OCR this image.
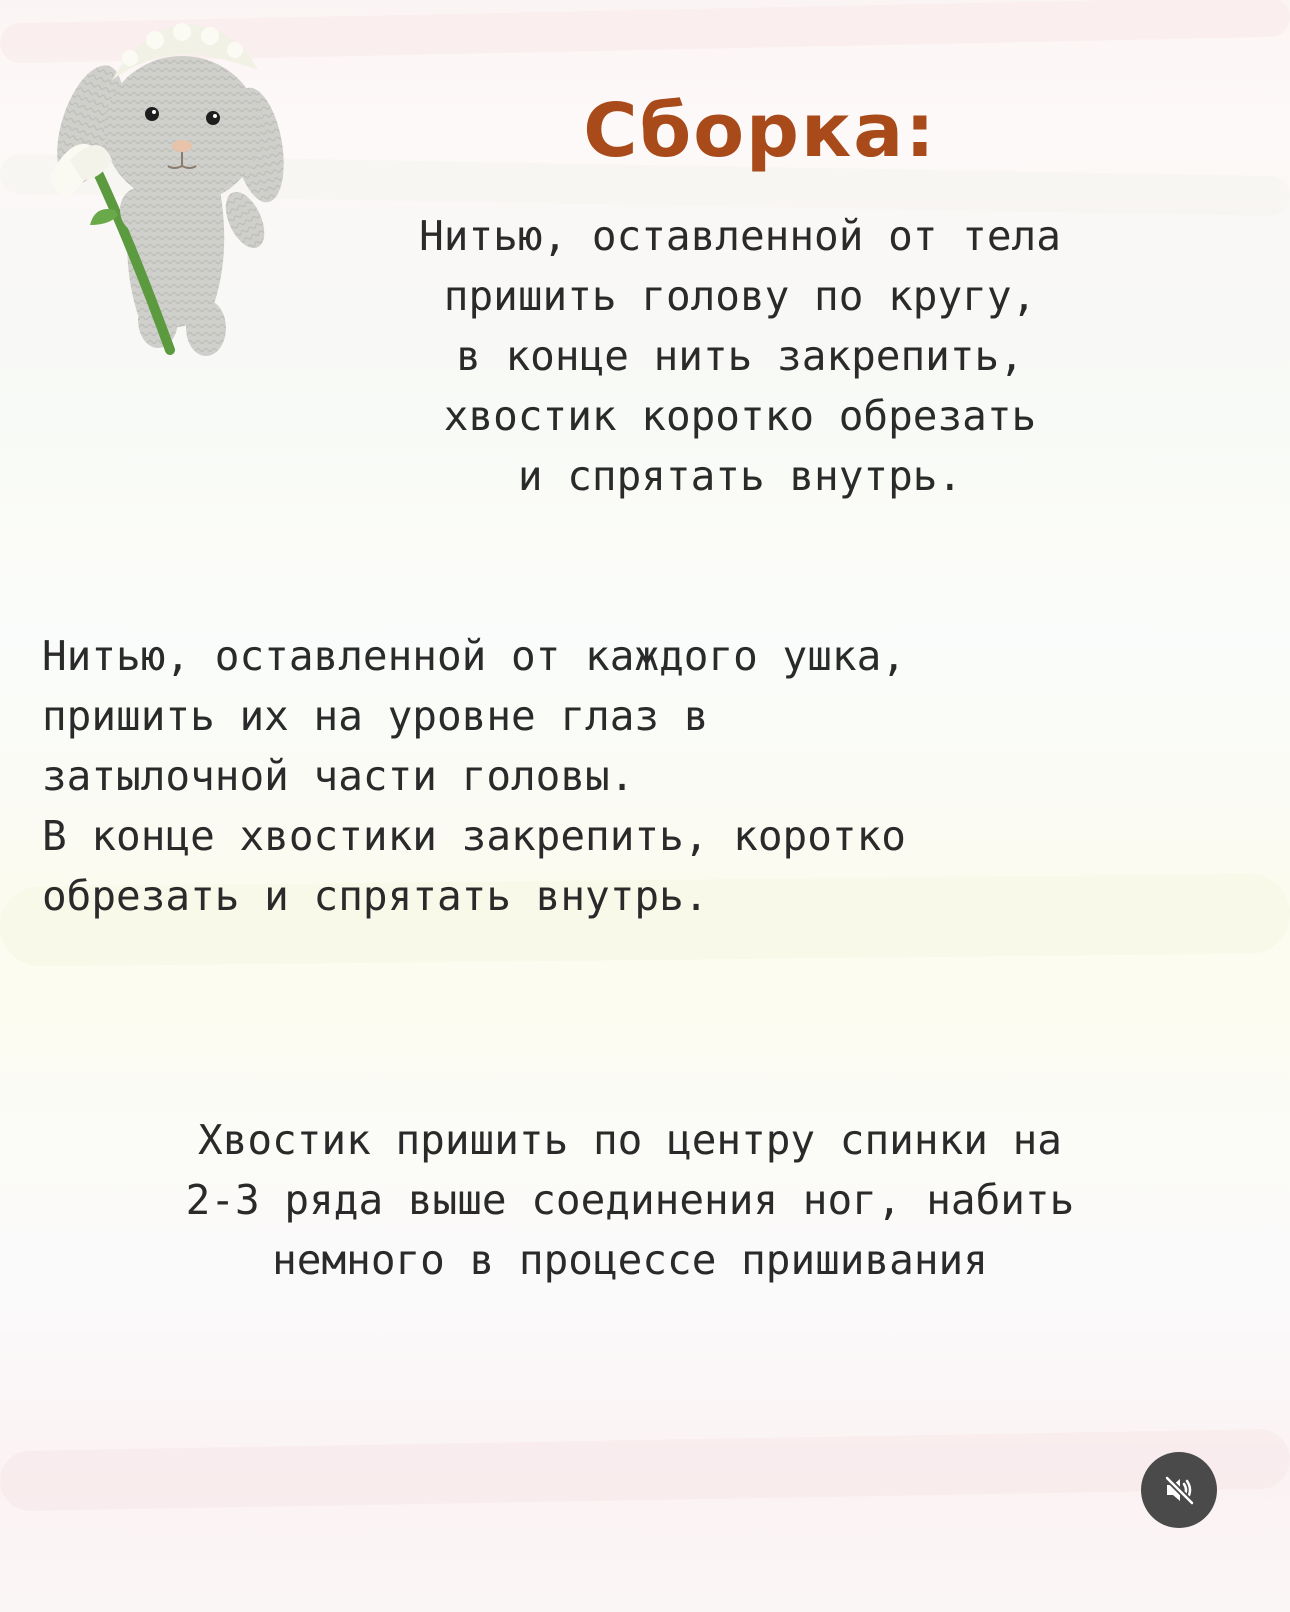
Сборка:

Нитью, оставленной от тела
пришить голову по кругу,
в конце нить закрепить,
хвостик коротко обрезать
и спрятать внутрь.

Нитью, оставленной от каждого ушка,
пришить их на уровне глаз в
затылочной части головы.
В конце хвостики закрепить, коротко
обрезать и спрятать внутрь.

Хвостик пришить по центру спинки на
2-3 ряда выше соединения ног, набить
немного в процессе пришивания
